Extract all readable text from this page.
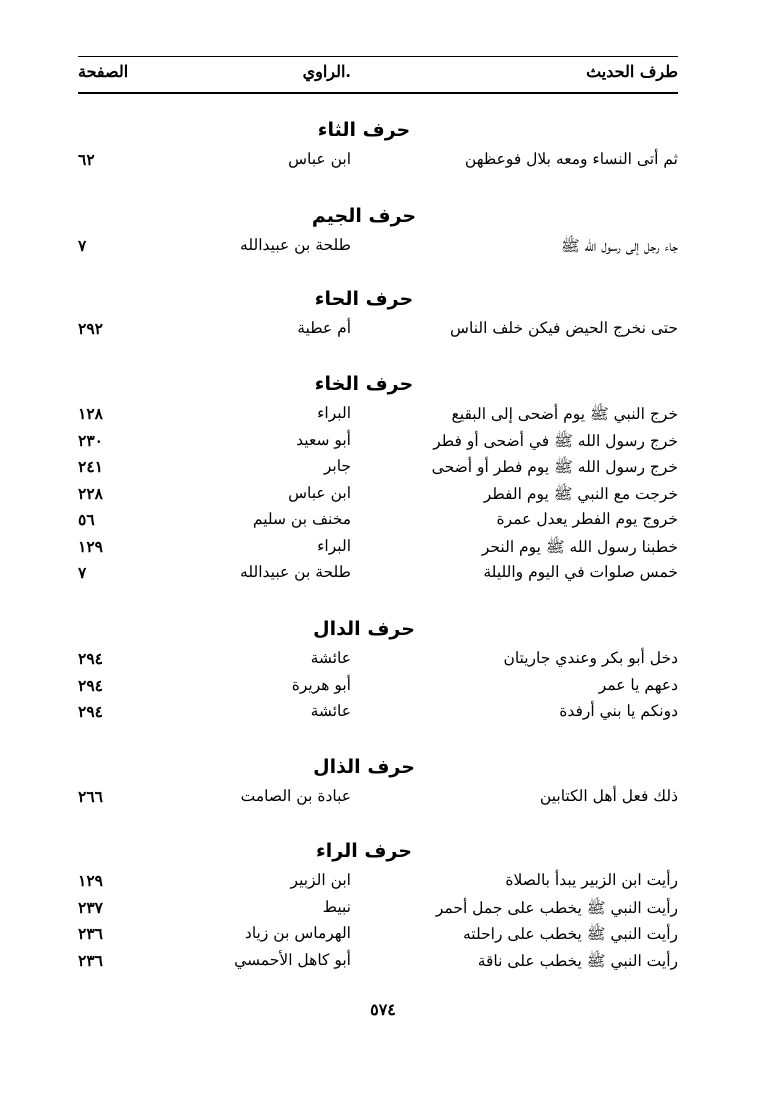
طرف الحديث
.الراوي
الصفحة
حرف الثاء
ثم أتى النساء ومعه بلال فوعظهن
ابن عباس
٦٢
حرف الجيم
جاء رجل إلى رسول الله ﷺ
طلحة بن عبيدالله
٧
حرف الحاء
حتى نخرج الحيض فيكن خلف الناس
أم عطية
٢٩٢
حرف الخاء
خرج النبي ﷺ يوم أضحى إلى البقيع
البراء
١٢٨
خرج رسول الله ﷺ في أضحى أو فطر
أبو سعيد
٢٣٠
خرج رسول الله ﷺ يوم فطر أو أضحى
جابر
٢٤١
خرجت مع النبي ﷺ يوم الفطر
ابن عباس
٢٢٨
خروج يوم الفطر يعدل عمرة
مخنف بن سليم
٥٦
خطبنا رسول الله ﷺ يوم النحر
البراء
١٢٩
خمس صلوات في اليوم والليلة
طلحة بن عبيدالله
٧
حرف الدال
دخل أبو بكر وعندي جاريتان
عائشة
٢٩٤
دعهم يا عمر
أبو هريرة
٢٩٤
دونكم يا بني أرفدة
عائشة
٢٩٤
حرف الذال
ذلك فعل أهل الكتابين
عبادة بن الصامت
٢٦٦
حرف الراء
رأيت ابن الزبير يبدأ بالصلاة
ابن الزبير
١٢٩
رأيت النبي ﷺ يخطب على جمل أحمر
نبيط
٢٣٧
رأيت النبي ﷺ يخطب على راحلته
الهرماس بن زياد
٢٣٦
رأيت النبي ﷺ يخطب على ناقة
أبو كاهل الأحمسي
٢٣٦
٥٧٤
